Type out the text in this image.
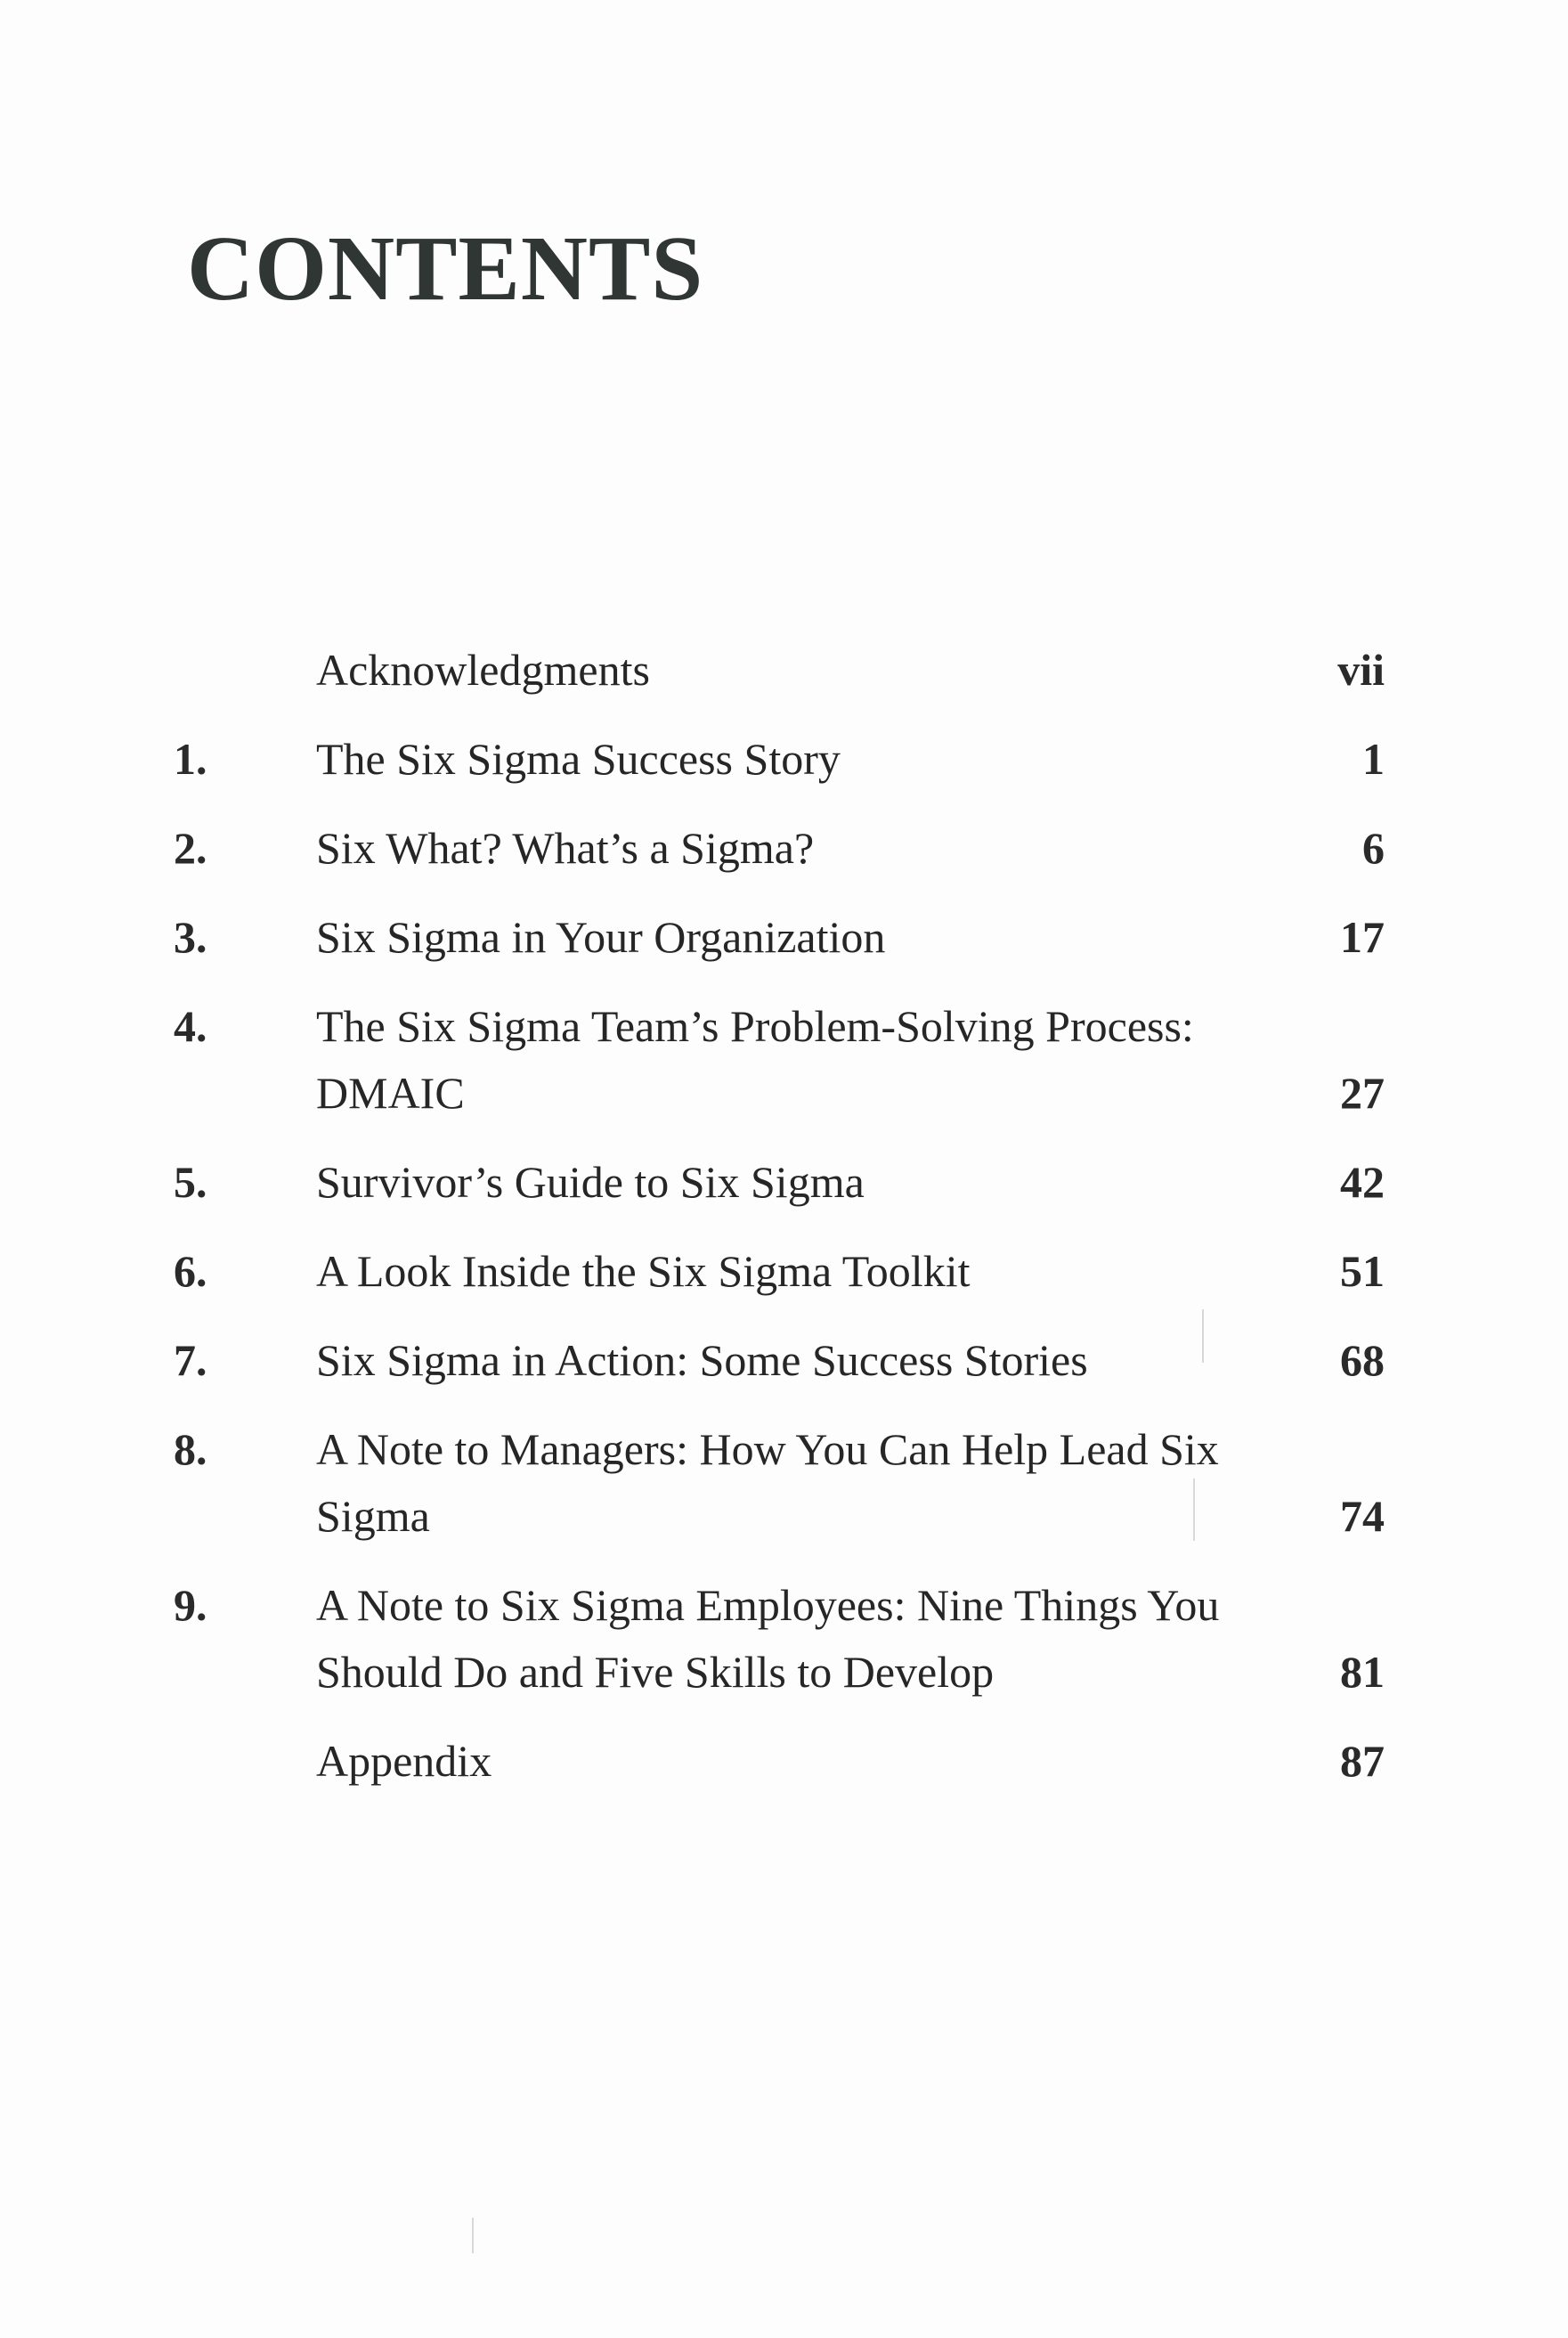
CONTENTS
Acknowledgments	vii
1. The Six Sigma Success Story	1
2. Six What? What’s a Sigma?	6
3. Six Sigma in Your Organization	17
4. The Six Sigma Team’s Problem-Solving Process: DMAIC	27
5. Survivor’s Guide to Six Sigma	42
6. A Look Inside the Six Sigma Toolkit	51
7. Six Sigma in Action: Some Success Stories	68
8. A Note to Managers: How You Can Help Lead Six Sigma	74
9. A Note to Six Sigma Employees: Nine Things You Should Do and Five Skills to Develop	81
Appendix	87
